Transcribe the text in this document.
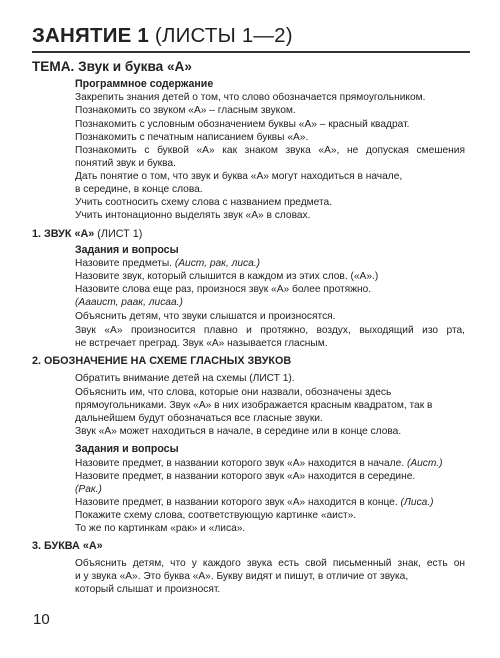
ЗАНЯТИЕ 1 (ЛИСТЫ 1—2)
ТЕМА. Звук и буква «А»
Программное содержание
Закрепить знания детей о том, что слово обозначается прямоугольником.
Познакомить со звуком «А» – гласным звуком.
Познакомить с условным обозначением буквы «А» – красный квадрат.
Познакомить с печатным написанием буквы «А».
Познакомить с буквой «А» как знаком звука «А», не допуская смешения
понятий звук и буква.
Дать понятие о том, что звук и буква «А» могут находиться в начале,
в середине, в конце слова.
Учить соотносить схему слова с названием предмета.
Учить интонационно выделять звук «А» в словах.
1. ЗВУК «А» (ЛИСТ 1)
Задания и вопросы
Назовите предметы. (Аист, рак, лиса.)
Назовите звук, который слышится в каждом из этих слов. («А».)
Назовите слова еще раз, произнося звук «А» более протяжно.
(Аааист, раак, лисаа.)
Объяснить детям, что звуки слышатся и произносятся.
Звук «А» произносится плавно и протяжно, воздух, выходящий изо рта,
не встречает преград. Звук «А» называется гласным.
2. ОБОЗНАЧЕНИЕ НА СХЕМЕ ГЛАСНЫХ ЗВУКОВ
Обратить внимание детей на схемы (ЛИСТ 1).
Объяснить им, что слова, которые они назвали, обозначены здесь
прямоугольниками. Звук «А» в них изображается красным квадратом, так в
дальнейшем будут обозначаться все гласные звуки.
Звук «А» может находиться в начале, в середине или в конце слова.
Задания и вопросы
Назовите предмет, в названии которого звук «А» находится в начале. (Аист.)
Назовите предмет, в названии которого звук «А» находится в середине.
(Рак.)
Назовите предмет, в названии которого звук «А» находится в конце. (Лиса.)
Покажите схему слова, соответствующую картинке «аист».
То же по картинкам «рак» и «лиса».
3. БУКВА «А»
Объяснить детям, что у каждого звука есть свой письменный знак, есть он
и у звука «А». Это буква «А». Букву видят и пишут, в отличие от звука,
который слышат и произносят.
10
